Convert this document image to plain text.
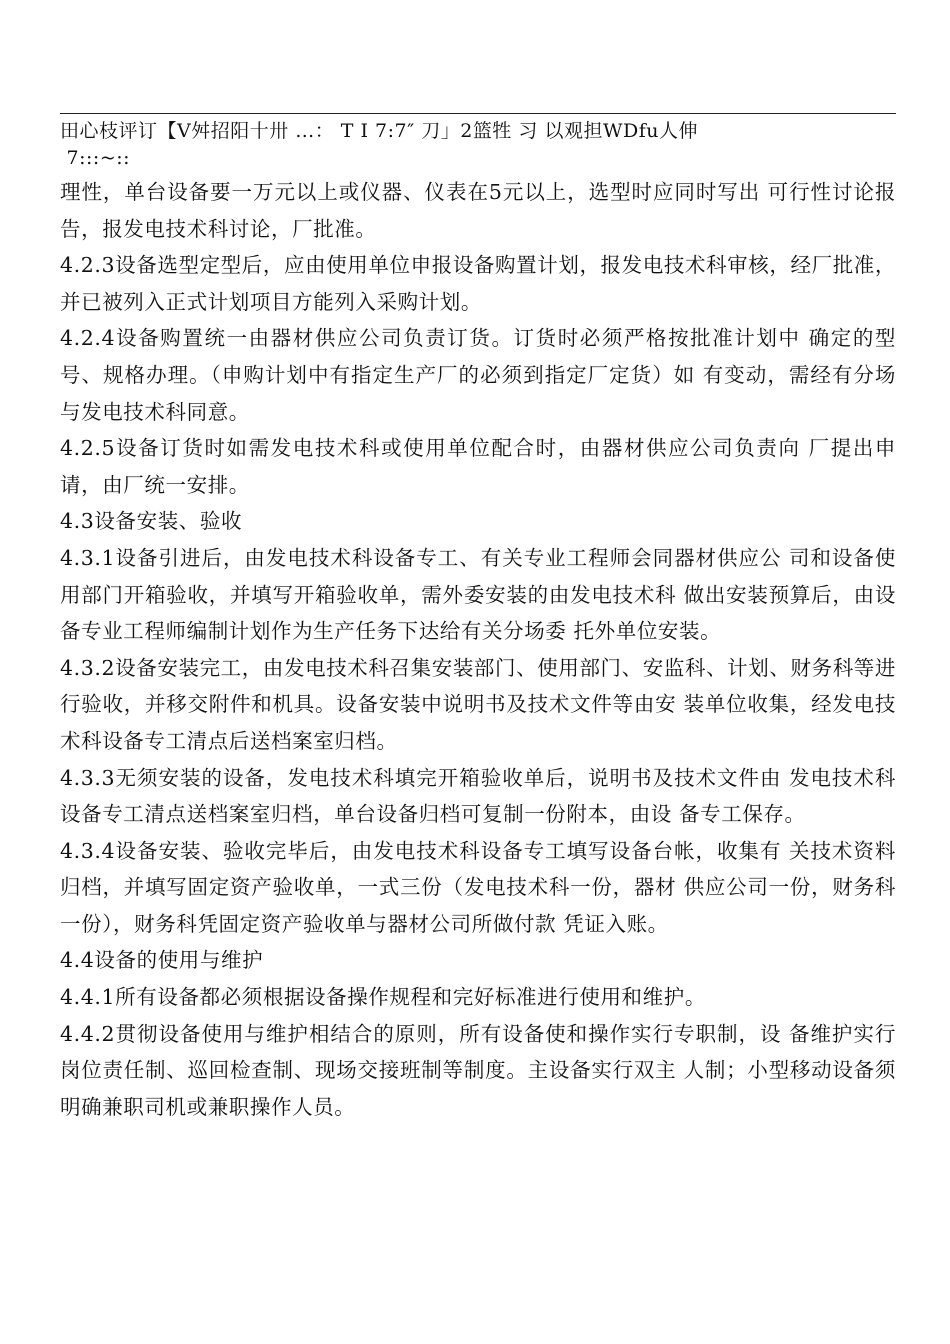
田心枝评订【V舛招阳十卅 …： T I 7:7″ 刀」2篮牲 习 以观担WDfu人伸
7:::~::

理性，单台设备要一万元以上或仪器、仪表在5元以上，选型时应同时写出 可行性讨论报告，报发电技术科讨论，厂批准。

4.2.3设备选型定型后，应由使用单位申报设备购置计划，报发电技术科审核，经厂批准，并已被列入正式计划项目方能列入采购计划。

4.2.4设备购置统一由器材供应公司负责订货。订货时必须严格按批准计划中 确定的型号、规格办理。（申购计划中有指定生产厂的必须到指定厂定货）如 有变动，需经有分场与发电技术科同意。

4.2.5设备订货时如需发电技术科或使用单位配合时，由器材供应公司负责向 厂提出申请，由厂统一安排。

4.3设备安装、验收

4.3.1设备引进后，由发电技术科设备专工、有关专业工程师会同器材供应公 司和设备使用部门开箱验收，并填写开箱验收单，需外委安装的由发电技术科 做出安装预算后，由设备专业工程师编制计划作为生产任务下达给有关分场委 托外单位安装。

4.3.2设备安装完工，由发电技术科召集安装部门、使用部门、安监科、计划、财务科等进行验收，并移交附件和机具。设备安装中说明书及技术文件等由安 装单位收集，经发电技术科设备专工清点后送档案室归档。

4.3.3无须安装的设备，发电技术科填完开箱验收单后，说明书及技术文件由 发电技术科设备专工清点送档案室归档，单台设备归档可复制一份附本，由设 备专工保存。

4.3.4设备安装、验收完毕后，由发电技术科设备专工填写设备台帐，收集有 关技术资料归档，并填写固定资产验收单，一式三份（发电技术科一份，器材 供应公司一份，财务科一份），财务科凭固定资产验收单与器材公司所做付款 凭证入账。

4.4设备的使用与维护

4.4.1所有设备都必须根据设备操作规程和完好标准进行使用和维护。

4.4.2贯彻设备使用与维护相结合的原则，所有设备使和操作实行专职制，设 备维护实行岗位责任制、巡回检查制、现场交接班制等制度。主设备实行双主 人制；小型移动设备须明确兼职司机或兼职操作人员。
